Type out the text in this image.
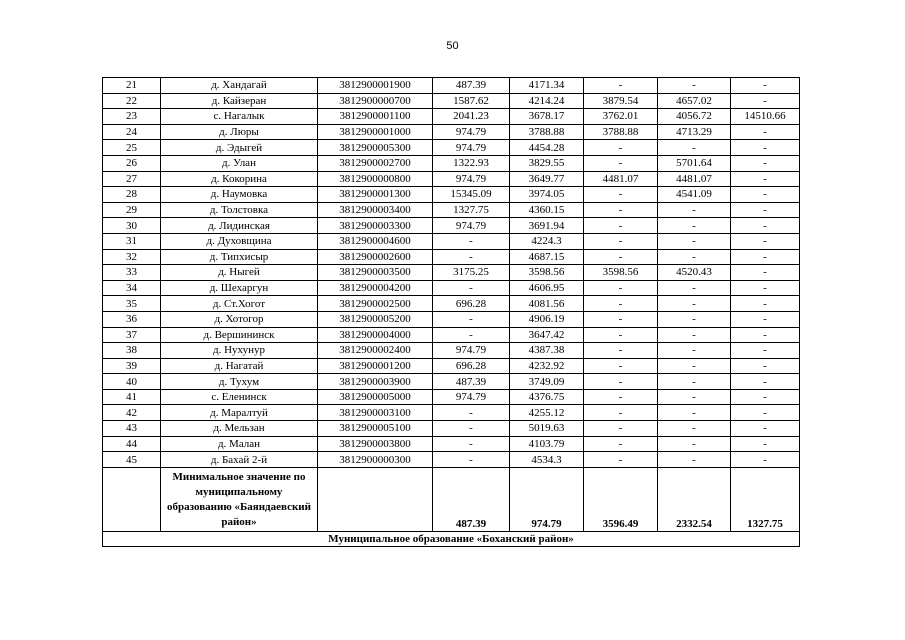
50
21	д. Хандагай	3812900001900	487.39	4171.34	-	-	-
22	д. Кайзеран	3812900000700	1587.62	4214.24	3879.54	4657.02	-
23	с. Нагалык	3812900001100	2041.23	3678.17	3762.01	4056.72	14510.66
24	д. Люры	3812900001000	974.79	3788.88	3788.88	4713.29	-
25	д. Эдыгей	3812900005300	974.79	4454.28	-	-	-
26	д. Улан	3812900002700	1322.93	3829.55	-	5701.64	-
27	д. Кокорина	3812900000800	974.79	3649.77	4481.07	4481.07	-
28	д. Наумовка	3812900001300	15345.09	3974.05	-	4541.09	-
29	д. Толстовка	3812900003400	1327.75	4360.15	-	-	-
30	д. Лидинская	3812900003300	974.79	3691.94	-	-	-
31	д. Духовщина	3812900004600	-	4224.3	-	-	-
32	д. Типхисыр	3812900002600	-	4687.15	-	-	-
33	д. Ныгей	3812900003500	3175.25	3598.56	3598.56	4520.43	-
34	д. Шехаргун	3812900004200	-	4606.95	-	-	-
35	д. Ст.Хогот	3812900002500	696.28	4081.56	-	-	-
36	д. Хотогор	3812900005200	-	4906.19	-	-	-
37	д. Вершининск	3812900004000	-	3647.42	-	-	-
38	д. Нухунур	3812900002400	974.79	4387.38	-	-	-
39	д. Нагатай	3812900001200	696.28	4232.92	-	-	-
40	д. Тухум	3812900003900	487.39	3749.09	-	-	-
41	с. Еленинск	3812900005000	974.79	4376.75	-	-	-
42	д. Маралтуй	3812900003100	-	4255.12	-	-	-
43	д. Мельзан	3812900005100	-	5019.63	-	-	-
44	д. Малан	3812900003800	-	4103.79	-	-	-
45	д. Бахай 2-й	3812900000300	-	4534.3	-	-	-
	Минимальное значение по муниципальному образованию «Баяндаевский район»		487.39	974.79	3596.49	2332.54	1327.75
Муниципальное образование «Боханский район»							
